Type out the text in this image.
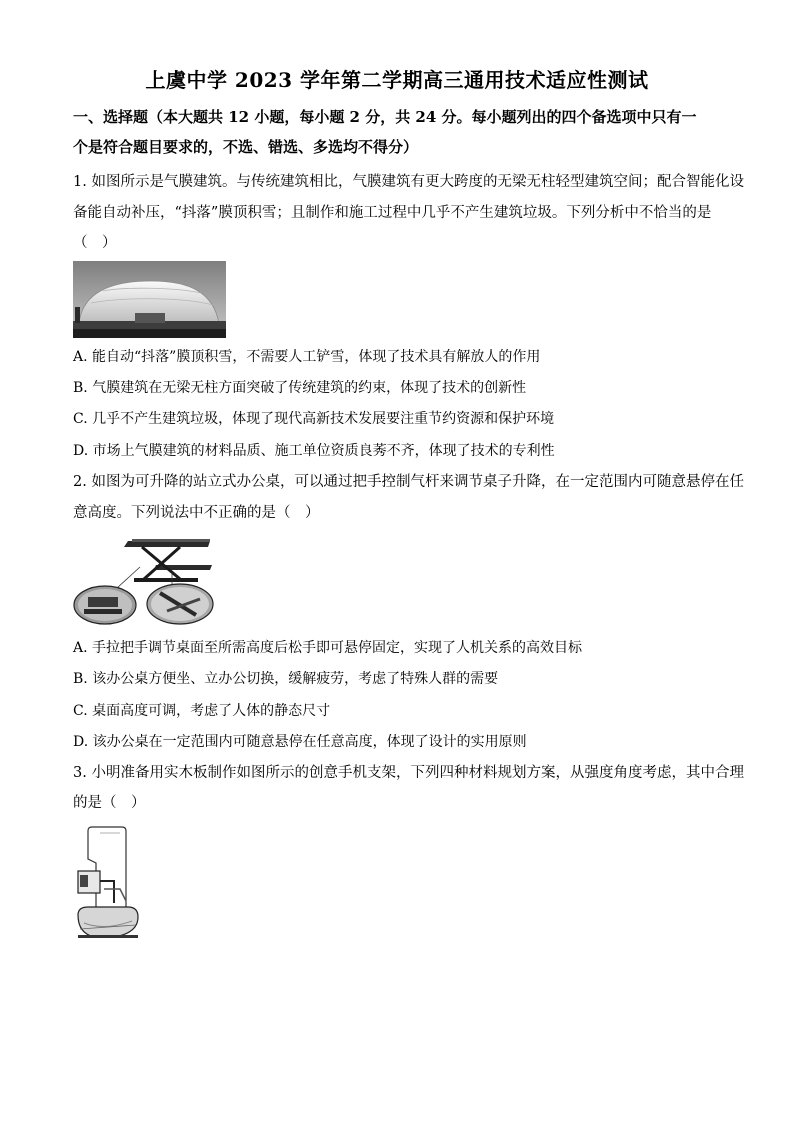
上虞中学 2023 学年第二学期高三通用技术适应性测试
一、选择题（本大题共 12 小题，每小题 2 分，共 24 分。每小题列出的四个备选项中只有一
个是符合题目要求的，不选、错选、多选均不得分）
1. 如图所示是气膜建筑。与传统建筑相比，气膜建筑有更大跨度的无梁无柱轻型建筑空间；配合智能化设
备能自动补压，“抖落”膜顶积雪；且制作和施工过程中几乎不产生建筑垃圾。下列分析中不恰当的是
（　）
A. 能自动“抖落”膜顶积雪，不需要人工铲雪，体现了技术具有解放人的作用
B. 气膜建筑在无梁无柱方面突破了传统建筑的约束，体现了技术的创新性
C. 几乎不产生建筑垃圾，体现了现代高新技术发展要注重节约资源和保护环境
D. 市场上气膜建筑的材料品质、施工单位资质良莠不齐，体现了技术的专利性
2. 如图为可升降的站立式办公桌，可以通过把手控制气杆来调节桌子升降，在一定范围内可随意悬停在任
意高度。下列说法中不正确的是（　）
A. 手拉把手调节桌面至所需高度后松手即可悬停固定，实现了人机关系的高效目标
B. 该办公桌方便坐、立办公切换，缓解疲劳，考虑了特殊人群的需要
C. 桌面高度可调，考虑了人体的静态尺寸
D. 该办公桌在一定范围内可随意悬停在任意高度，体现了设计的实用原则
3. 小明准备用实木板制作如图所示的创意手机支架，下列四种材料规划方案，从强度角度考虑，其中合理
的是（　）
